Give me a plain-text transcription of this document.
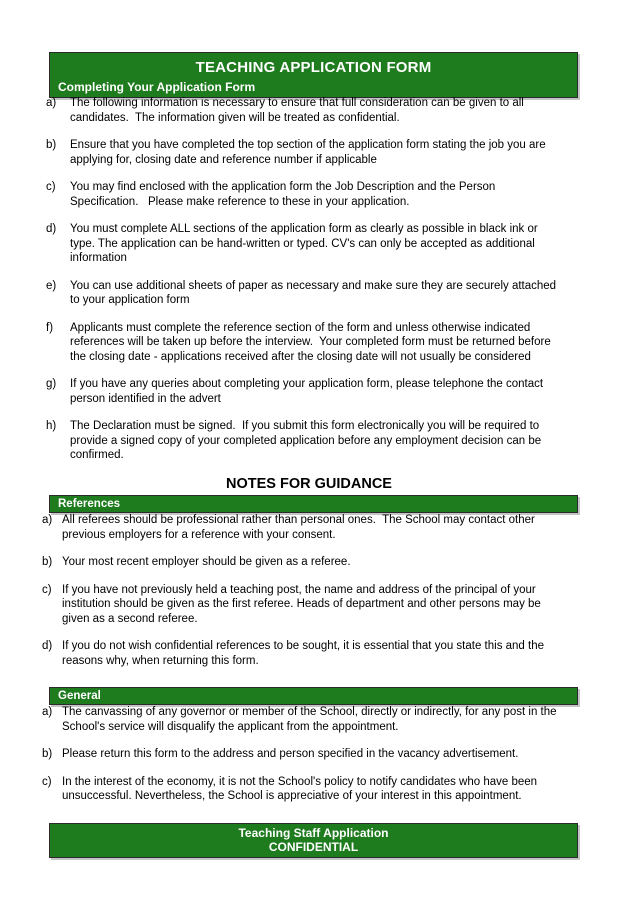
TEACHING APPLICATION FORM
Completing Your Application Form
a)	The following information is necessary to ensure that full consideration can be given to all candidates.  The information given will be treated as confidential.
b)	Ensure that you have completed the top section of the application form stating the job you are applying for, closing date and reference number if applicable
c)	You may find enclosed with the application form the Job Description and the Person Specification.   Please make reference to these in your application.
d)	You must complete ALL sections of the application form as clearly as possible in black ink or type. The application can be hand-written or typed. CV's can only be accepted as additional information
e)	You can use additional sheets of paper as necessary and make sure they are securely attached to your application form
f)	Applicants must complete the reference section of the form and unless otherwise indicated references will be taken up before the interview.  Your completed form must be returned before the closing date - applications received after the closing date will not usually be considered
g)	If you have any queries about completing your application form, please telephone the contact person identified in the advert
h)	The Declaration must be signed.  If you submit this form electronically you will be required to provide a signed copy of your completed application before any employment decision can be confirmed.
NOTES FOR GUIDANCE
References
a) All referees should be professional rather than personal ones.  The School may contact other previous employers for a reference with your consent.
b) Your most recent employer should be given as a referee.
c) If you have not previously held a teaching post, the name and address of the principal of your institution should be given as the first referee. Heads of department and other persons may be given as a second referee.
d) If you do not wish confidential references to be sought, it is essential that you state this and the reasons why, when returning this form.
General
a) The canvassing of any governor or member of the School, directly or indirectly, for any post in the School's service will disqualify the applicant from the appointment.
b) Please return this form to the address and person specified in the vacancy advertisement.
c) In the interest of the economy, it is not the School's policy to notify candidates who have been unsuccessful. Nevertheless, the School is appreciative of your interest in this appointment.
Teaching Staff Application
CONFIDENTIAL
